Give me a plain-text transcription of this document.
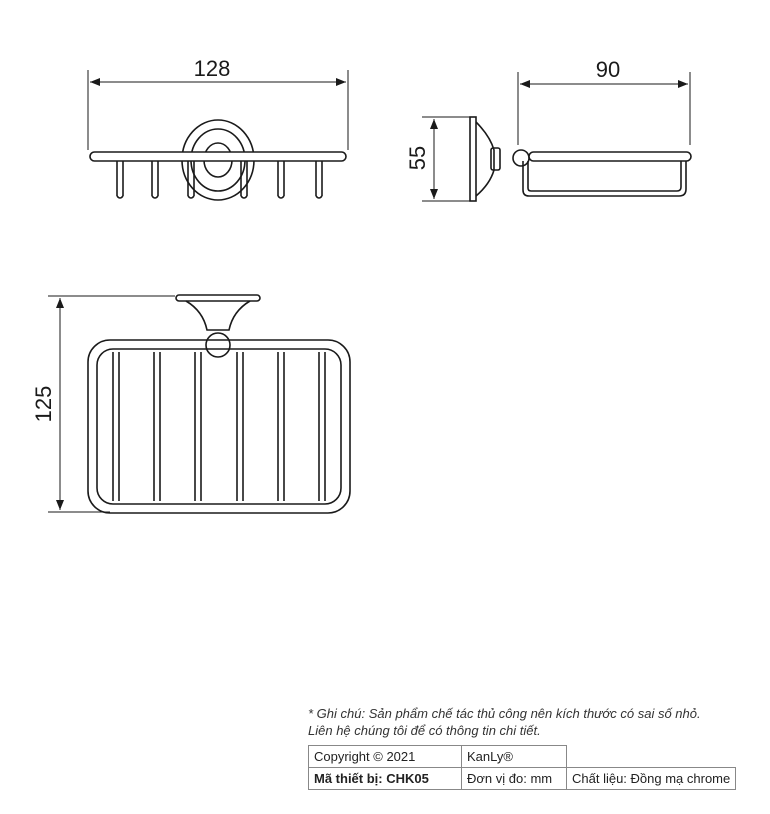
128	90
55
125
* Ghi chú: Sản phẩm chế tác thủ công nên kích thước có sai số nhỏ.
Liên hệ chúng tôi để có thông tin chi tiết.
Copyright © 2021	KanLy®	
Mã thiết bị: CHK05	Đơn vị đo: mm	Chất liệu: Đồng mạ chrome
